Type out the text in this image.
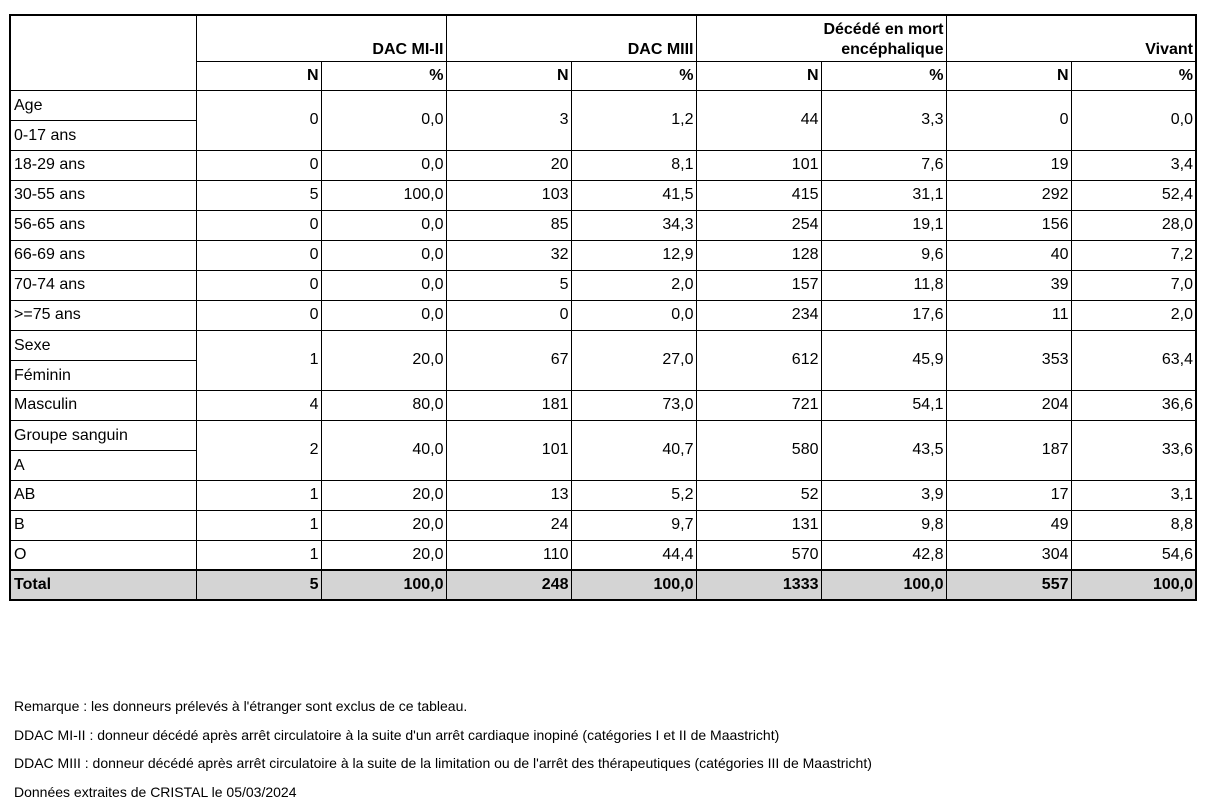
	DAC MI-II		DAC MIII		Décédé en mort encéphalique		Vivant	
	N	%	N	%	N	%	N	%

Age
0-17 ans	0	0,0	3	1,2	44	3,3	0	0,0
18-29 ans	0	0,0	20	8,1	101	7,6	19	3,4
30-55 ans	5	100,0	103	41,5	415	31,1	292	52,4
56-65 ans	0	0,0	85	34,3	254	19,1	156	28,0
66-69 ans	0	0,0	32	12,9	128	9,6	40	7,2
70-74 ans	0	0,0	5	2,0	157	11,8	39	7,0
>=75 ans	0	0,0	0	0,0	234	17,6	11	2,0

Sexe
Féminin	1	20,0	67	27,0	612	45,9	353	63,4
Masculin	4	80,0	181	73,0	721	54,1	204	36,6

Groupe sanguin
A	2	40,0	101	40,7	580	43,5	187	33,6
AB	1	20,0	13	5,2	52	3,9	17	3,1
B	1	20,0	24	9,7	131	9,8	49	8,8
O	1	20,0	110	44,4	570	42,8	304	54,6
Total	5	100,0	248	100,0	1333	100,0	557	100,0
Remarque : les donneurs prélevés à l'étranger sont exclus de ce tableau.
DDAC MI-II : donneur décédé après arrêt circulatoire à la suite d'un arrêt cardiaque inopiné (catégories I et II de Maastricht)
DDAC MIII : donneur décédé après arrêt circulatoire à la suite de la limitation ou de l'arrêt des thérapeutiques (catégories III de Maastricht)
Données extraites de CRISTAL le 05/03/2024
